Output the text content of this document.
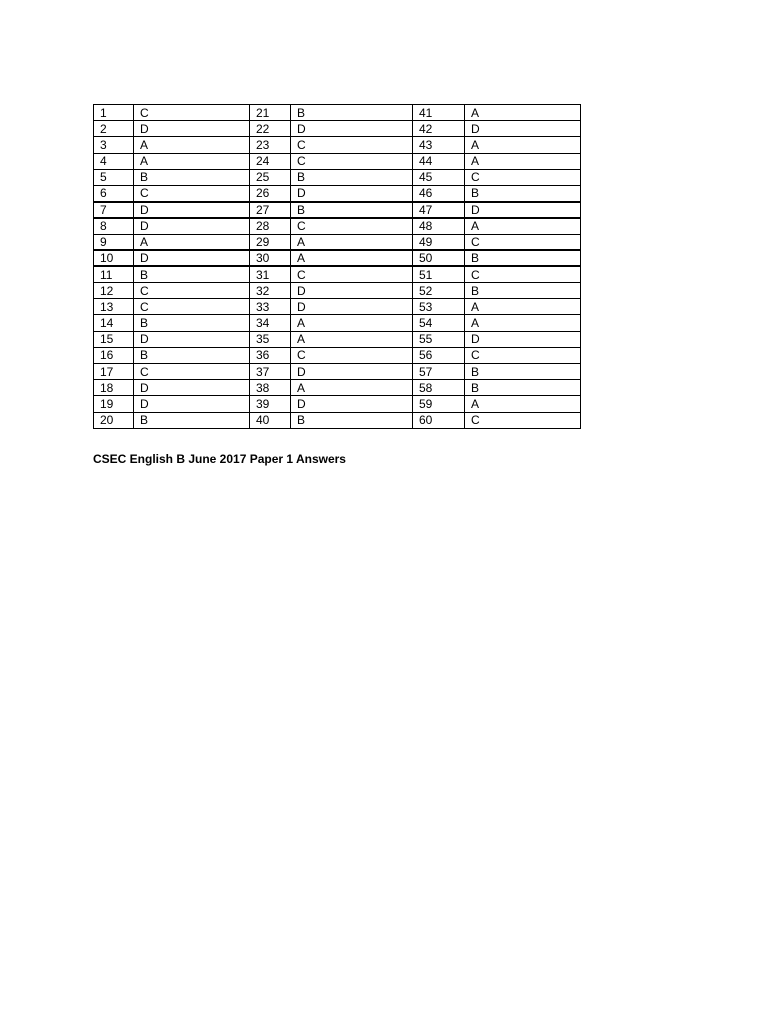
1	C	21	B	41	A
2	D	22	D	42	D
3	A	23	C	43	A
4	A	24	C	44	A
5	B	25	B	45	C
6	C	26	D	46	B
7	D	27	B	47	D
8	D	28	C	48	A
9	A	29	A	49	C
10	D	30	A	50	B
11	B	31	C	51	C
12	C	32	D	52	B
13	C	33	D	53	A
14	B	34	A	54	A
15	D	35	A	55	D
16	B	36	C	56	C
17	C	37	D	57	B
18	D	38	A	58	B
19	D	39	D	59	A
20	B	40	B	60	C
CSEC English B June 2017 Paper 1 Answers
